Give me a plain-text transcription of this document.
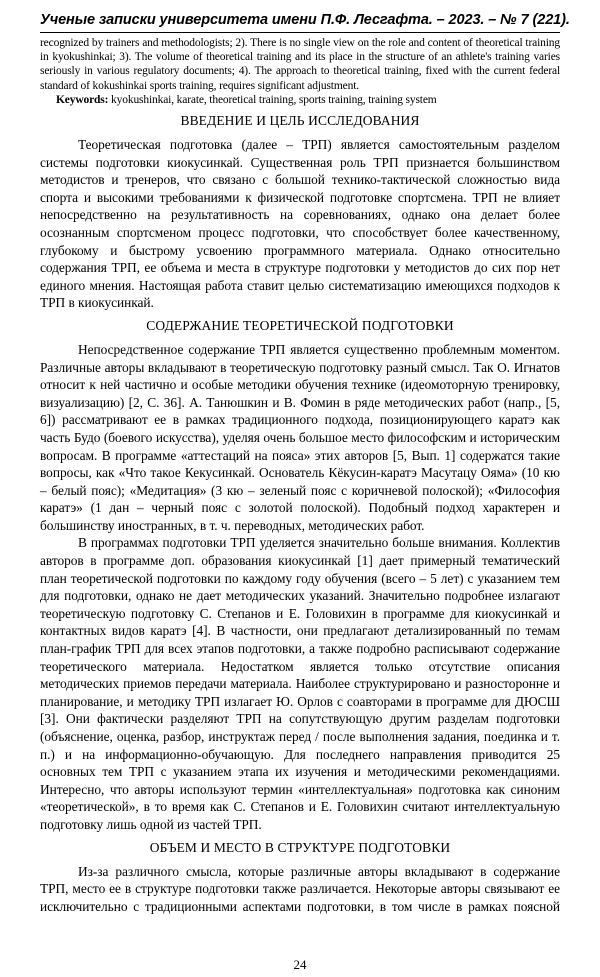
Ученые записки университета имени П.Ф. Лесгафта. – 2023. – № 7 (221).
recognized by trainers and methodologists; 2). There is no single view on the role and content of theoretical training in kyokushinkai; 3). The volume of theoretical training and its place in the structure of an athlete's training varies seriously in various regulatory documents; 4). The approach to theoretical training, fixed with the current federal standard of kokushinkai sports training, requires significant adjustment.
Keywords: kyokushinkai, karate, theoretical training, sports training, training system
ВВЕДЕНИЕ И ЦЕЛЬ ИССЛЕДОВАНИЯ

Теоретическая подготовка (далее – ТРП) является самостоятельным разделом системы подготовки киокусинкай. Существенная роль ТРП признается большинством методистов и тренеров, что связано с большой технико-тактической сложностью вида спорта и высокими требованиями к физической подготовке спортсмена. ТРП не влияет непосредственно на результативность на соревнованиях, однако она делает более осознанным спортсменом процесс подготовки, что способствует более качественному, глубокому и быстрому усвоению программного материала. Однако относительно содержания ТРП, ее объема и места в структуре подготовки у методистов до сих пор нет единого мнения. Настоящая работа ставит целью систематизацию имеющихся подходов к ТРП в киокусинкай.

СОДЕРЖАНИЕ ТЕОРЕТИЧЕСКОЙ ПОДГОТОВКИ

Непосредственное содержание ТРП является существенно проблемным моментом. Различные авторы вкладывают в теоретическую подготовку разный смысл. Так О. Игнатов относит к ней частично и особые методики обучения технике (идеомоторную тренировку, визуализацию) [2, С. 36]. А. Танюшкин и В. Фомин в ряде методических работ (напр., [5, 6]) рассматривают ее в рамках традиционного подхода, позиционирующего каратэ как часть Будо (боевого искусства), уделяя очень большое место философским и историческим вопросам. В программе «аттестаций на пояса» этих авторов [5, Вып. 1] содержатся такие вопросы, как «Что такое Кекусинкай. Основатель Кёкусин-каратэ Масутацу Ояма» (10 кю – белый пояс); «Медитация» (3 кю – зеленый пояс с коричневой полоской); «Философия каратэ» (1 дан – черный пояс с золотой полоской). Подобный подход характерен и большинству иностранных, в т. ч. переводных, методических работ.

В программах подготовки ТРП уделяется значительно больше внимания. Коллектив авторов в программе доп. образования киокусинкай [1] дает примерный тематический план теоретической подготовки по каждому году обучения (всего – 5 лет) с указанием тем для подготовки, однако не дает методических указаний. Значительно подробнее излагают теоретическую подготовку С. Степанов и Е. Головихин в программе для киокусинкай и контактных видов каратэ [4]. В частности, они предлагают детализированный по темам план-график ТРП для всех этапов подготовки, а также подробно расписывают содержание теоретического материала. Недостатком является только отсутствие описания методических приемов передачи материала. Наиболее структурировано и разносторонне и планирование, и методику ТРП излагает Ю. Орлов с соавторами в программе для ДЮСШ [3]. Они фактически разделяют ТРП на сопутствующую другим разделам подготовки (объяснение, оценка, разбор, инструктаж перед / после выполнения задания, поединка и т. п.) и на информационно-обучающую. Для последнего направления приводится 25 основных тем ТРП с указанием этапа их изучения и методическими рекомендациями. Интересно, что авторы используют термин «интеллектуальная» подготовка как синоним «теоретической», в то время как С. Степанов и Е. Головихин считают интеллектуальную подготовку лишь одной из частей ТРП.

ОБЪЕМ И МЕСТО В СТРУКТУРЕ ПОДГОТОВКИ

Из-за различного смысла, которые различные авторы вкладывают в содержание ТРП, место ее в структуре подготовки также различается. Некоторые авторы связывают ее исключительно с традиционными аспектами подготовки, в том числе в рамках поясной

24
